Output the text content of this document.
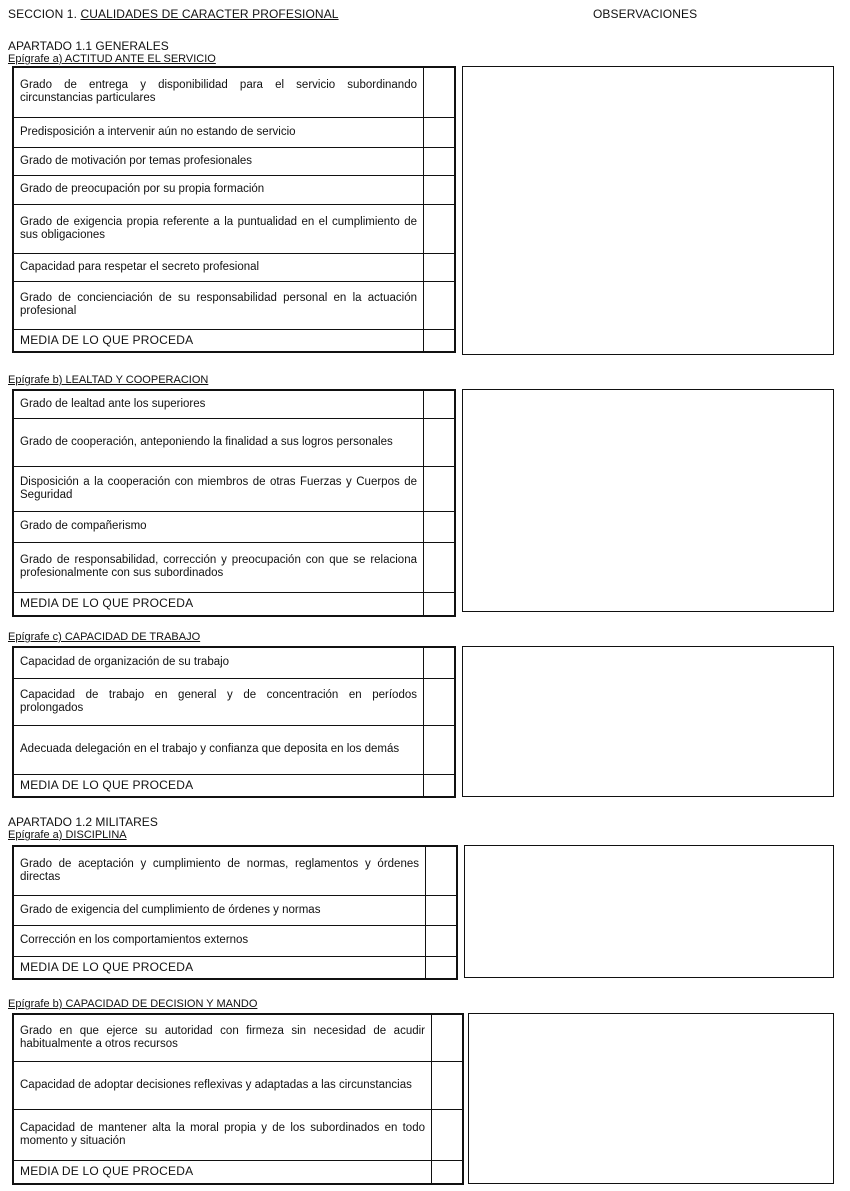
SECCION 1. CUALIDADES DE CARACTER PROFESIONAL	OBSERVACIONES
APARTADO 1.1 GENERALES
Epígrafe a) ACTITUD ANTE EL SERVICIO
Grado de entrega y disponibilidad para el servicio subordinando circunstancias particulares	
Predisposición a intervenir aún no estando de servicio	
Grado de motivación por temas profesionales	
Grado de preocupación por su propia formación	
Grado de exigencia propia referente a la puntualidad en el cumplimiento de sus obligaciones	
Capacidad para respetar el secreto profesional	
Grado de concienciación de su responsabilidad personal en la actuación profesional	
MEDIA DE LO QUE PROCEDA	
Epígrafe b) LEALTAD Y COOPERACION
Grado de lealtad ante los superiores	
Grado de cooperación, anteponiendo la finalidad a sus logros personales	
Disposición a la cooperación con miembros de otras Fuerzas y Cuerpos de Seguridad	
Grado de compañerismo	
Grado de responsabilidad, corrección y preocupación con que se relaciona profesionalmente con sus subordinados	
MEDIA DE LO QUE PROCEDA	
Epígrafe c) CAPACIDAD DE TRABAJO
Capacidad de organización de su trabajo	
Capacidad de trabajo en general y de concentración en períodos prolongados	
Adecuada delegación en el trabajo y confianza que deposita en los demás	
MEDIA DE LO QUE PROCEDA	
APARTADO 1.2 MILITARES
Epígrafe a) DISCIPLINA
Grado de aceptación y cumplimiento de normas, reglamentos y órdenes directas	
Grado de exigencia del cumplimiento de órdenes y normas	
Corrección en los comportamientos externos	
MEDIA DE LO QUE PROCEDA	
Epígrafe b) CAPACIDAD DE DECISION Y MANDO
Grado en que ejerce su autoridad con firmeza sin necesidad de acudir habitualmente a otros recursos	
Capacidad de adoptar decisiones reflexivas y adaptadas a las circunstancias	
Capacidad de mantener alta la moral propia y de los subordinados en todo momento y situación	
MEDIA DE LO QUE PROCEDA	
